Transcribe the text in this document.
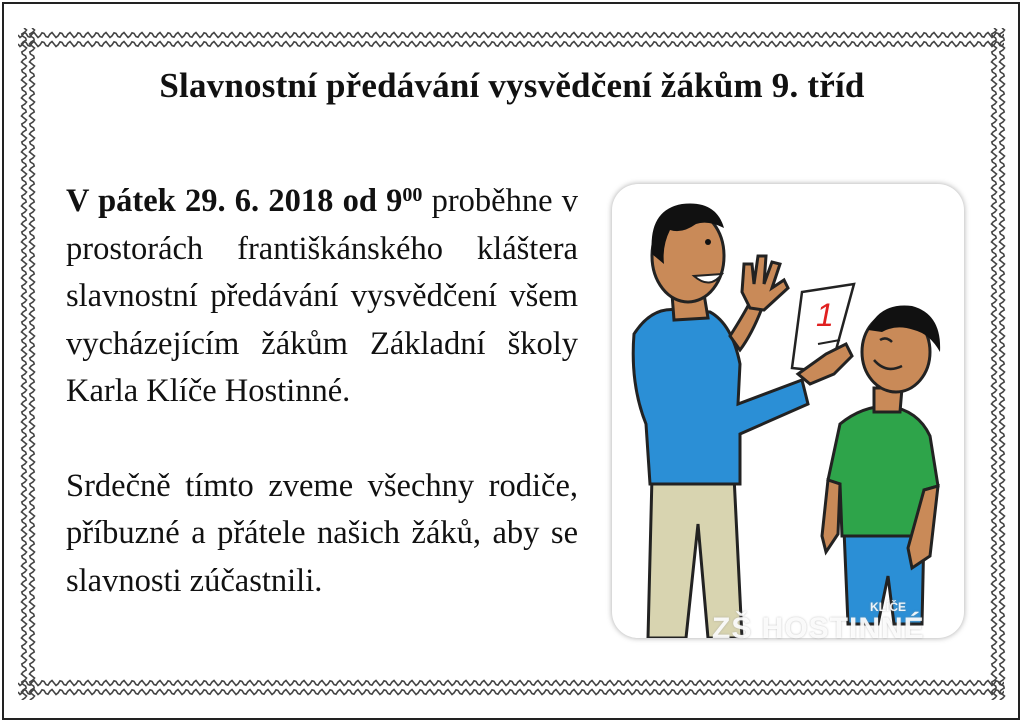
Slavnostní předávání vysvědčení žákům 9. tříd

V pátek 29. 6. 2018 od $9^{00}$ proběhne v prostorách františkánského kláštera slavnostní předávání vysvědčení všem vycházejícím žákům Základní školy Karla Klíče Hostinné.

Srdečně tímto zveme všechny rodiče, příbuzné a přátele našich žáků, aby se slavnosti zúčastnili.

1
ZŠ HOSTINNÉ
KLÍČE
